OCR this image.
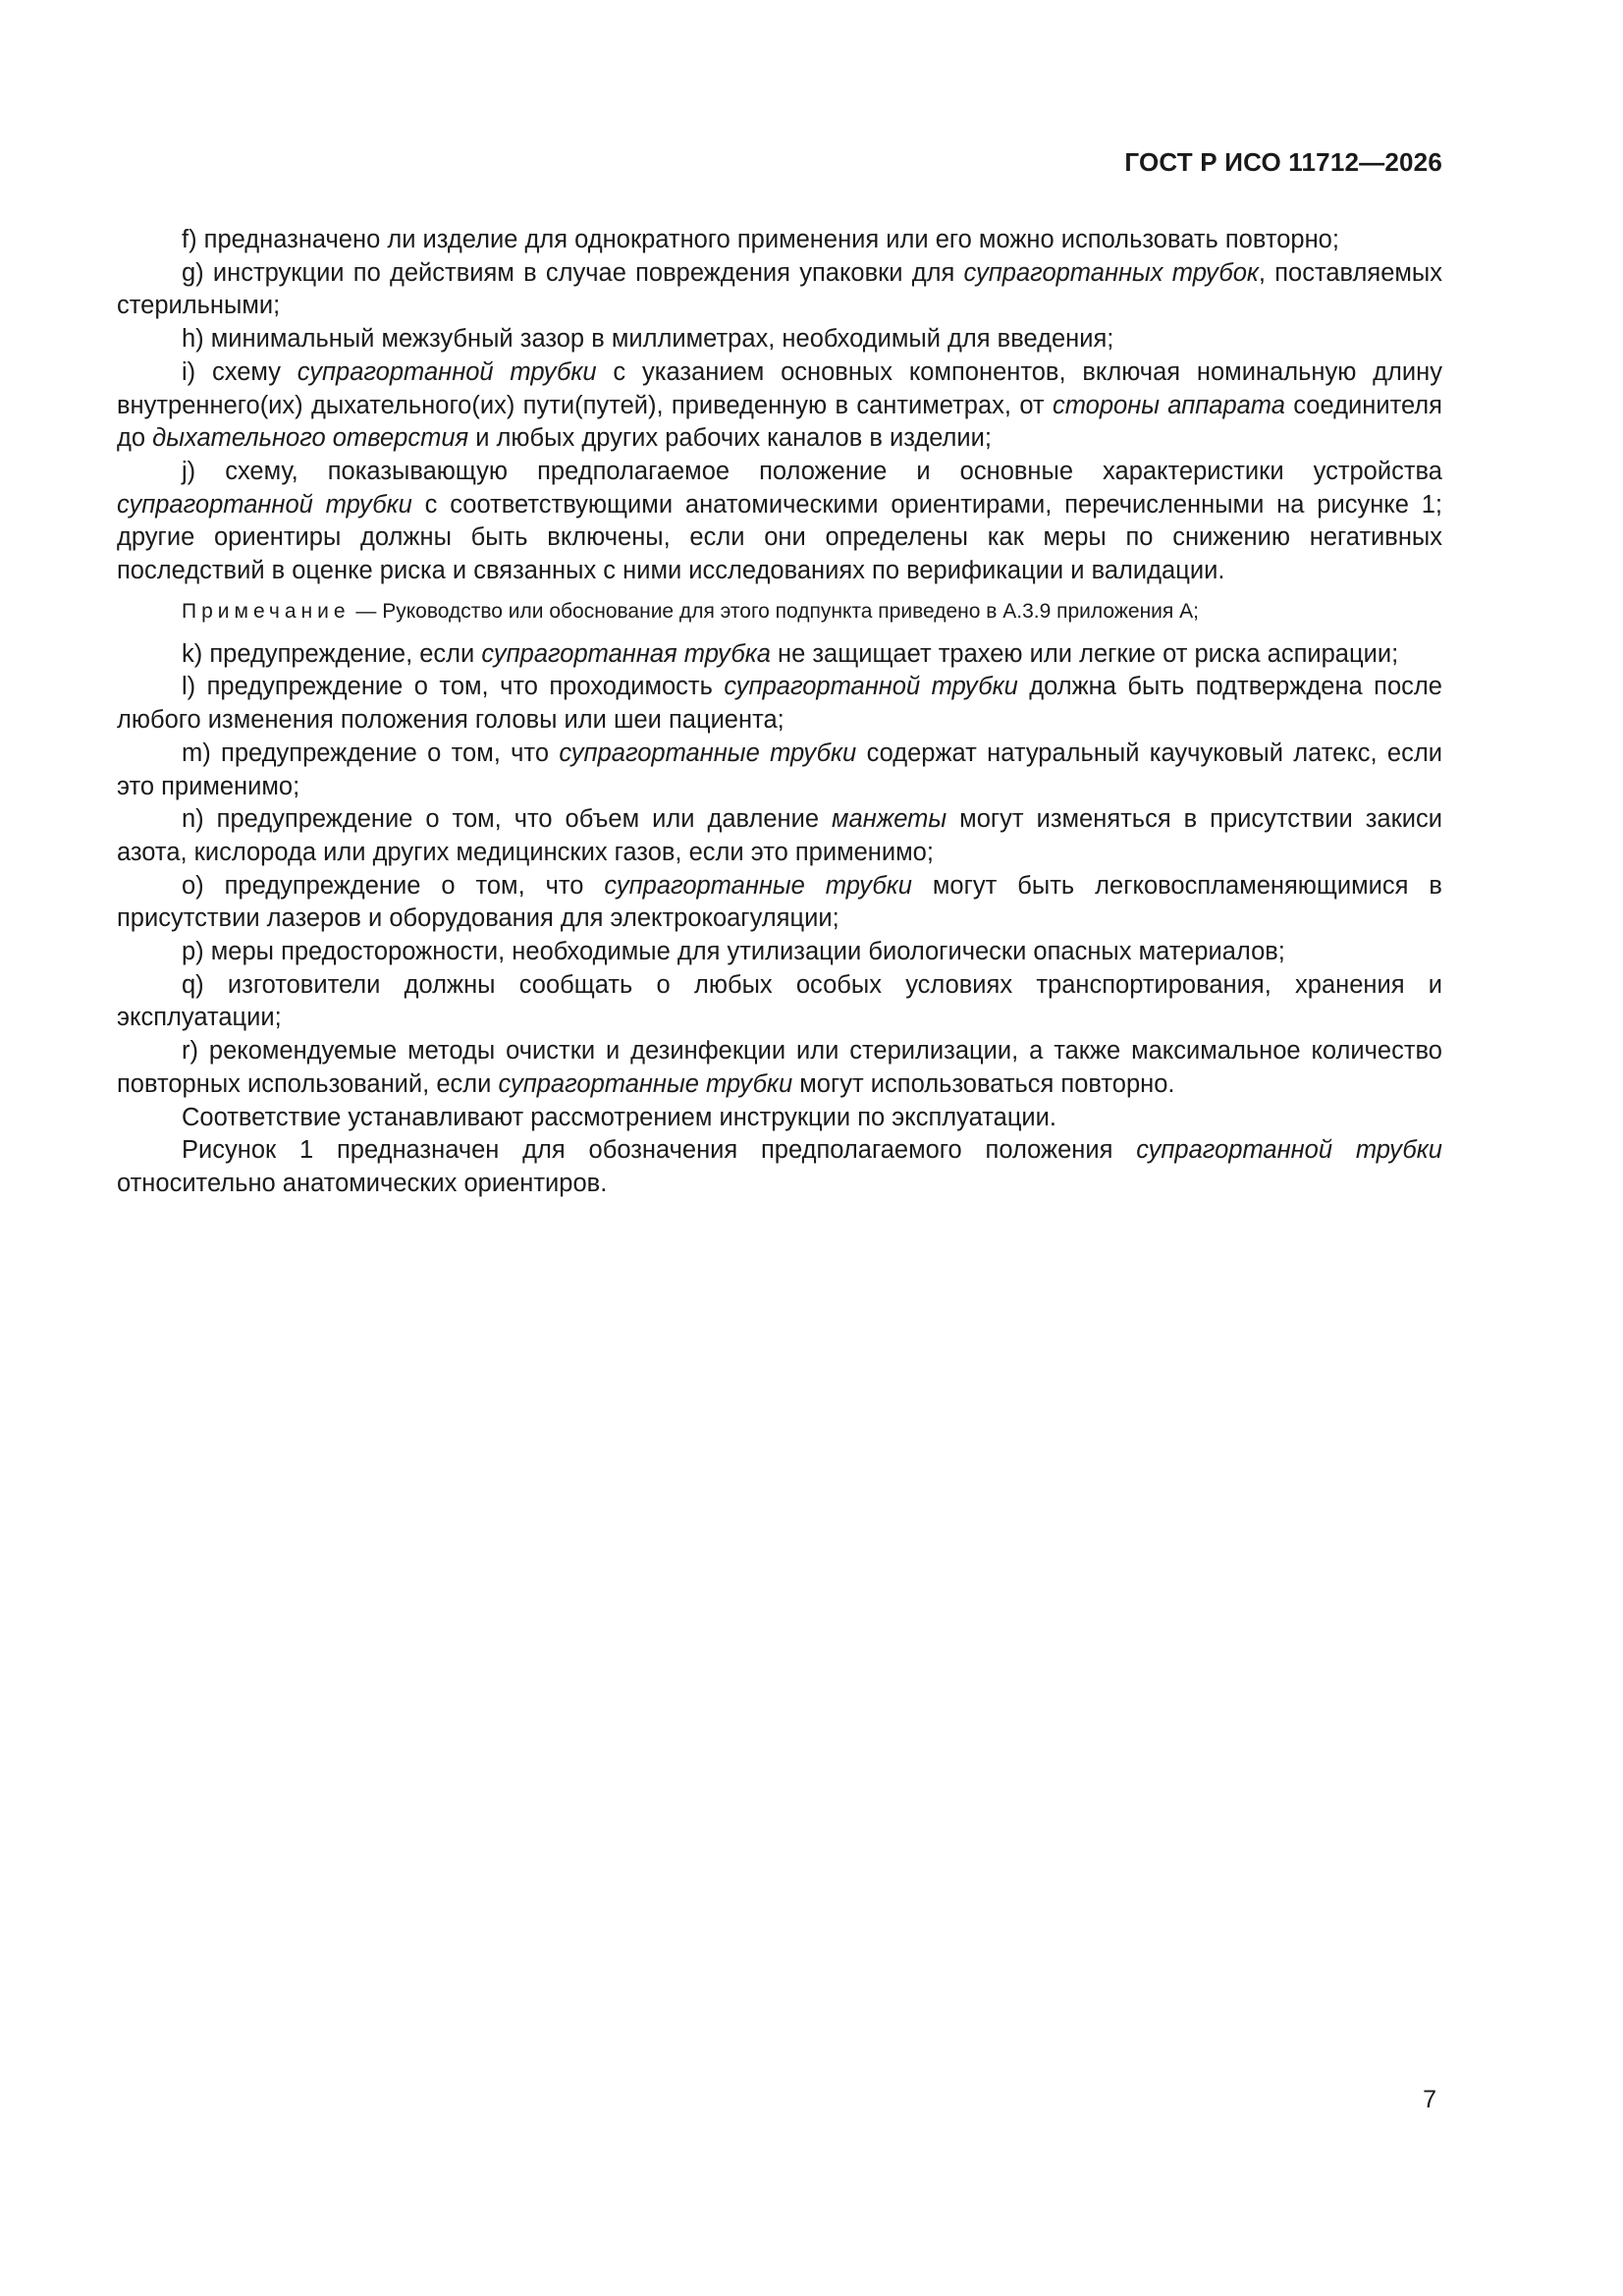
ГОСТ Р ИСО 11712—2026

f) предназначено ли изделие для однократного применения или его можно использовать повторно;

g) инструкции по действиям в случае повреждения упаковки для супрагортанных трубок, поставляемых стерильными;

h) минимальный межзубный зазор в миллиметрах, необходимый для введения;

i) схему супрагортанной трубки с указанием основных компонентов, включая номинальную длину внутреннего(их) дыхательного(их) пути(путей), приведенную в сантиметрах, от стороны аппарата соединителя до дыхательного отверстия и любых других рабочих каналов в изделии;

j) схему, показывающую предполагаемое положение и основные характеристики устройства супрагортанной трубки с соответствующими анатомическими ориентирами, перечисленными на рисунке 1; другие ориентиры должны быть включены, если они определены как меры по снижению негативных последствий в оценке риска и связанных с ними исследованиях по верификации и валидации.

Примечание — Руководство или обоснование для этого подпункта приведено в А.3.9 приложения А;

k) предупреждение, если супрагортанная трубка не защищает трахею или легкие от риска аспирации;

l) предупреждение о том, что проходимость супрагортанной трубки должна быть подтверждена после любого изменения положения головы или шеи пациента;

m) предупреждение о том, что супрагортанные трубки содержат натуральный каучуковый латекс, если это применимо;

n) предупреждение о том, что объем или давление манжеты могут изменяться в присутствии закиси азота, кислорода или других медицинских газов, если это применимо;

o) предупреждение о том, что супрагортанные трубки могут быть легковоспламеняющимися в присутствии лазеров и оборудования для электрокоагуляции;

p) меры предосторожности, необходимые для утилизации биологически опасных материалов;

q) изготовители должны сообщать о любых особых условиях транспортирования, хранения и эксплуатации;

r) рекомендуемые методы очистки и дезинфекции или стерилизации, а также максимальное количество повторных использований, если супрагортанные трубки могут использоваться повторно.

Соответствие устанавливают рассмотрением инструкции по эксплуатации.

Рисунок 1 предназначен для обозначения предполагаемого положения супрагортанной трубки относительно анатомических ориентиров.

7
